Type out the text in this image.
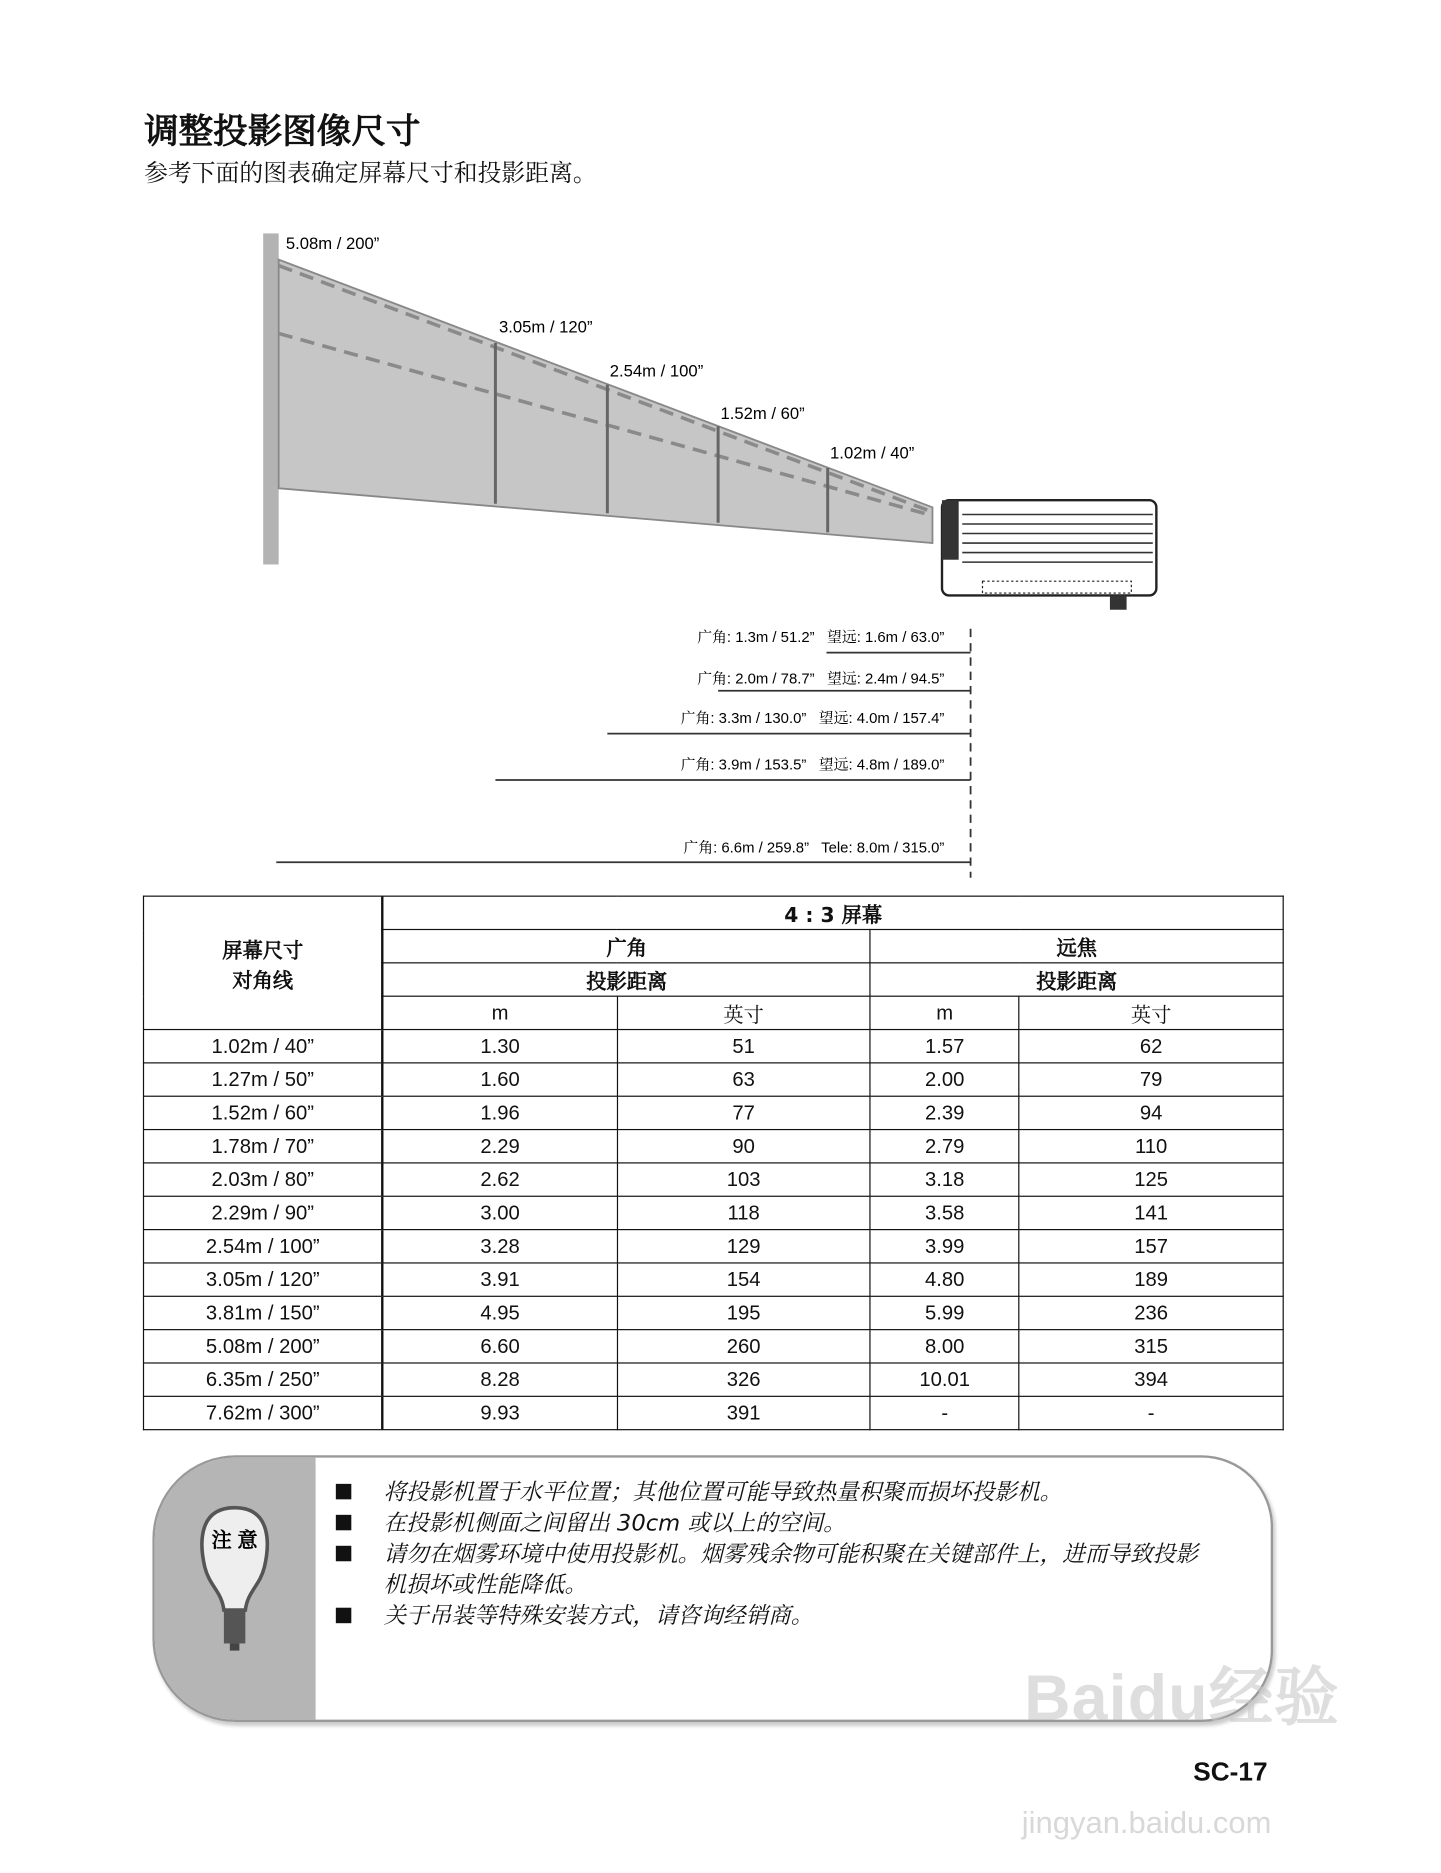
调整投影图像尺寸
参考下面的图表确定屏幕尺寸和投影距离。
5.08m / 200”
3.05m / 120”
2.54m / 100”
1.52m / 60”
1.02m / 40”
广角: 1.3m / 51.2”   望远: 1.6m / 63.0”
广角: 2.0m / 78.7”   望远: 2.4m / 94.5”
广角: 3.3m / 130.0”   望远: 4.0m / 157.4”
广角: 3.9m / 153.5”   望远: 4.8m / 189.0”
广角: 6.6m / 259.8”   Tele: 8.0m / 315.0”
屏幕尺寸
对角线	4 : 3 屏幕			
	广角		远焦	
	投影距离		投影距离	
	m	英寸	m	英寸
1.02m / 40”	1.30	51	1.57	62
1.27m / 50”	1.60	63	2.00	79
1.52m / 60”	1.96	77	2.39	94
1.78m / 70”	2.29	90	2.79	110
2.03m / 80”	2.62	103	3.18	125
2.29m / 90”	3.00	118	3.58	141
2.54m / 100”	3.28	129	3.99	157
3.05m / 120”	3.91	154	4.80	189
3.81m / 150”	4.95	195	5.99	236
5.08m / 200”	6.60	260	8.00	315
6.35m / 250”	8.28	326	10.01	394
7.62m / 300”	9.93	391	-	-
注 意
将投影机置于水平位置；其他位置可能导致热量积聚而损坏投影机。
在投影机侧面之间留出 30cm 或以上的空间。
请勿在烟雾环境中使用投影机。烟雾残余物可能积聚在关键部件上，进而导致投影机损坏或性能降低。
关于吊装等特殊安装方式，请咨询经销商。
Baidu经验
jingyan.baidu.com
SC-17
